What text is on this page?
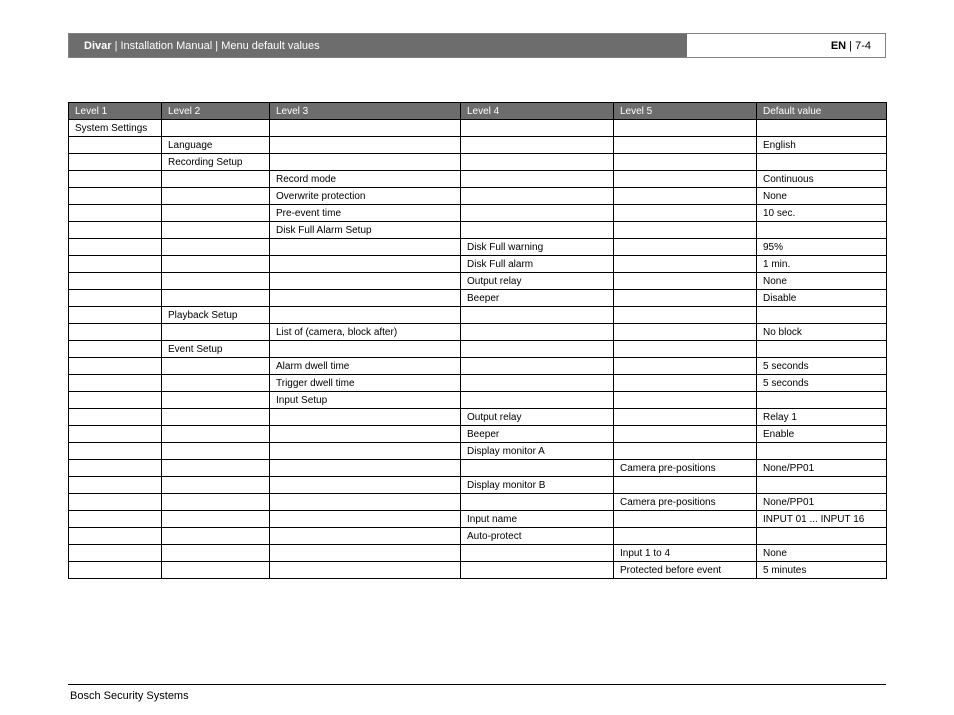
Divar | Installation Manual | Menu default values	EN | 7-4
Level 1	Level 2	Level 3	Level 4	Level 5	Default value
System Settings					
	Language				English
	Recording Setup				
		Record mode			Continuous
		Overwrite protection			None
		Pre-event time			10 sec.
		Disk Full Alarm Setup			
			Disk Full warning		95%
			Disk Full alarm		1 min.
			Output relay		None
			Beeper		Disable
	Playback Setup				
		List of (camera, block after)			No block
	Event Setup				
		Alarm dwell time			5 seconds
		Trigger dwell time			5 seconds
		Input Setup			
			Output relay		Relay 1
			Beeper		Enable
			Display monitor A		
				Camera pre-positions	None/PP01
			Display monitor B		
				Camera pre-positions	None/PP01
			Input name		INPUT 01 ... INPUT 16
			Auto-protect		
				Input 1 to 4	None
				Protected before event	5 minutes
Bosch Security Systems
